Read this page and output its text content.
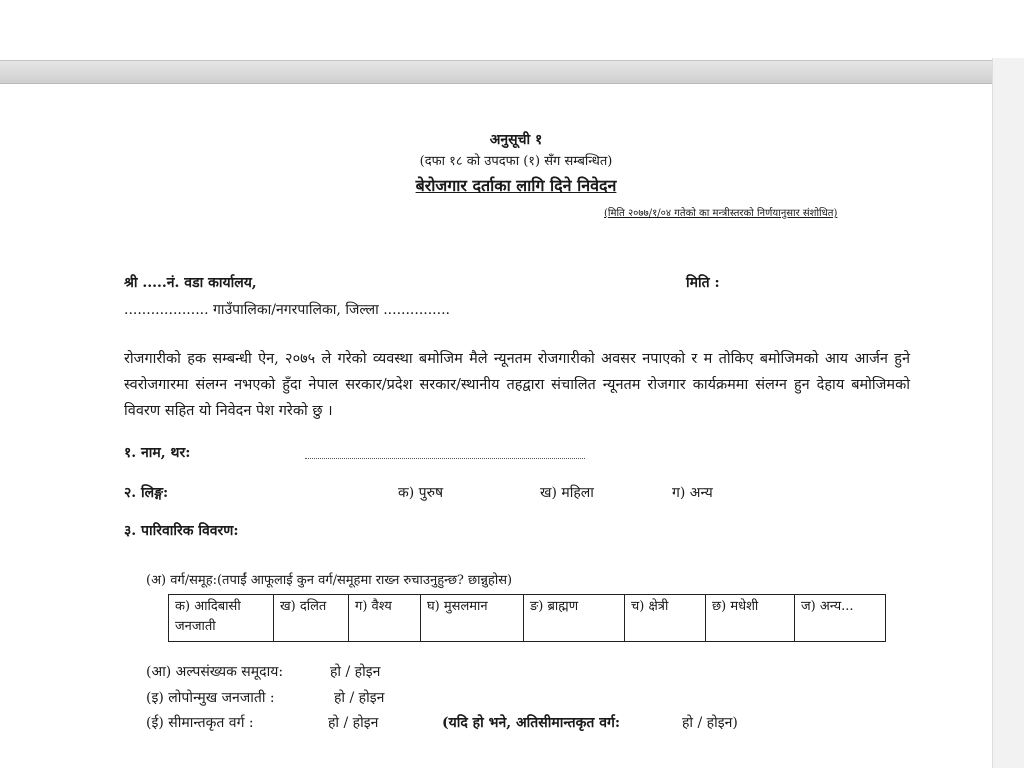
अनुसूची १
(दफा १८ को उपदफा (१) सँग सम्बन्धित)
बेरोजगार दर्ताका लागि दिने निवेदन
(मिति २०७७/१/०४ गतेको का मन्त्रीस्तरको निर्णयानुसार संशोधित)
श्री .....नं. वडा कार्यालय,	मिति :
................... गाउँपालिका/नगरपालिका, जिल्ला ...............
रोजगारीको हक सम्बन्धी ऐन, २०७५ ले गरेको व्यवस्था बमोजिम मैले न्यूनतम रोजगारीको अवसर नपाएको र म तोकिए बमोजिमको आय आर्जन हुने स्वरोजगारमा संलग्न नभएको हुँदा नेपाल सरकार/प्रदेश सरकार/स्थानीय तहद्वारा संचालित न्यूनतम रोजगार कार्यक्रममा संलग्न हुन देहाय बमोजिमको विवरण सहित यो निवेदन पेश गरेको छु ।
१. नाम, थर:
२. लिङ्ग:	क) पुरुष	ख) महिला	ग) अन्य
३. पारिवारिक विवरण:
(अ) वर्ग/समूह:(तपाईं आफूलाई कुन वर्ग/समूहमा राख्न रुचाउनुहुन्छ? छान्नुहोस)
क) आदिबासी जनजाती	ख) दलित	ग) वैश्य	घ) मुसलमान	ङ) ब्राह्मण	च) क्षेत्री	छ) मधेशी	ज) अन्य...
(आ) अल्पसंख्यक समूदाय:	हो / होइन
(इ) लोपोन्मुख जनजाती :	हो / होइन
(ई) सीमान्तकृत वर्ग :	हो / होइन	(यदि हो भने, अतिसीमान्तकृत वर्ग:	हो / होइन)
